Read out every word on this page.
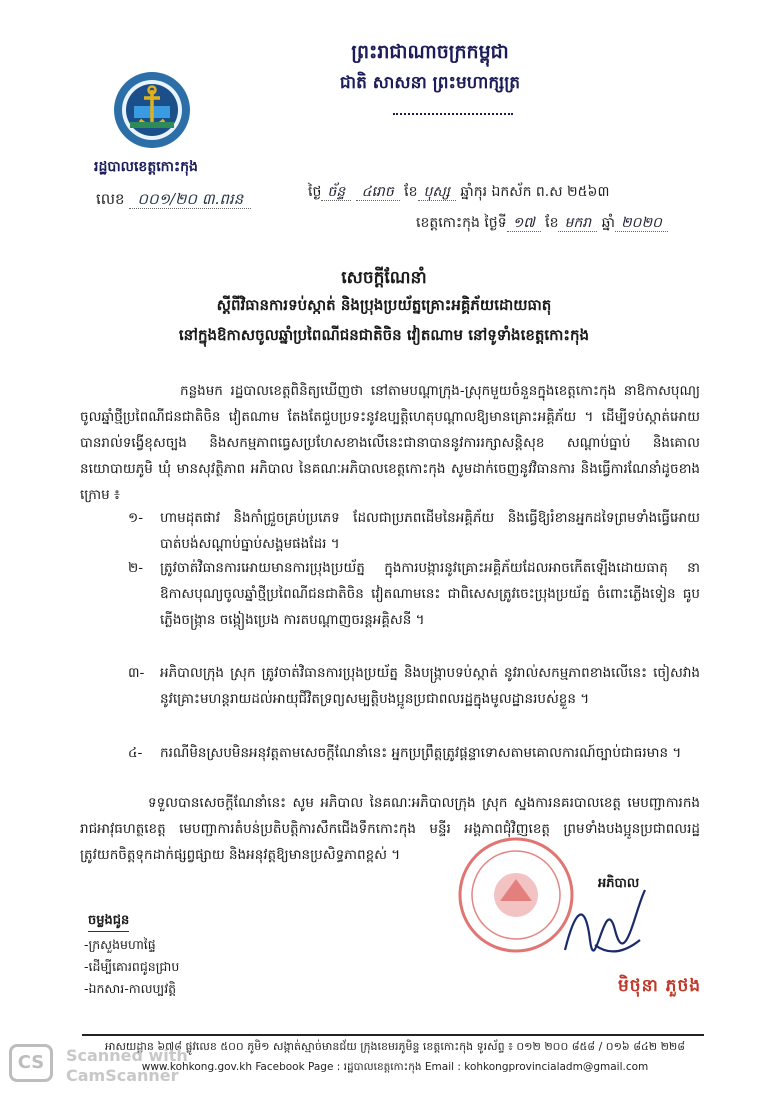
ព្រះរាជាណាចក្រកម្ពុជា
ជាតិ សាសនា ព្រះមហាក្សត្រ
រដ្ឋបាលខេត្តកោះកុង
លេខ ០០១/២០ ៣.ពរន	ថ្ងៃ ច័ន្ទ ៤រោច ខែ បុស្ស ឆ្នាំកុរ ឯកស័ក ព.ស ២៥៦៣
ខេត្តកោះកុង ថ្ងៃទី ១៧ ខែ មករា ឆ្នាំ ២០២០
សេចក្តីណែនាំ
ស្តីពីវិធានការទប់ស្កាត់ និងប្រុងប្រយ័ត្នគ្រោះអគ្គិភ័យដោយធាតុ
នៅក្នុងឱកាសចូលឆ្នាំប្រពៃណីជនជាតិចិន វៀតណាម នៅទូទាំងខេត្តកោះកុង
កន្លងមក រដ្ឋបាលខេត្តពិនិត្យឃើញថា នៅតាមបណ្តាក្រុង-ស្រុកមួយចំនួនក្នុងខេត្តកោះកុង នាឱកាសបុណ្យចូលឆ្នាំថ្មីប្រពៃណីជនជាតិចិន វៀតណាម តែងតែជួបប្រទះនូវឧប្បត្តិហេតុបណ្តាលឱ្យមានគ្រោះអគ្គិភ័យ ។ ដើម្បីទប់ស្កាត់អោយបានរាល់ទង្វើខុសច្បង និងសកម្មភាពធ្វេសប្រហែសខាងលើនេះជានាបាននូវការរក្សាសន្តិសុខ សណ្តាប់ធ្នាប់ និងគោលនយោបាយភូមិ ឃុំ មានសុវត្ថិភាព អភិបាល នៃគណៈអភិបាលខេត្តកោះកុង សូមដាក់ចេញនូវវិធានការ និងធ្វើការណែនាំដូចខាងក្រោម ៖
១- ហាមដុតផាវ និងកាំជ្រួចគ្រប់ប្រភេទ ដែលជាប្រភពដើមនៃអគ្គិភ័យ និងធ្វើឱ្យរំខានអ្នកដទៃព្រមទាំងធ្វើអោយបាត់បង់សណ្តាប់ធ្នាប់សង្គមផងដែរ ។
២- ត្រូវចាត់វិធានការអោយមានការប្រុងប្រយ័ត្ន ក្នុងការបង្ការនូវគ្រោះអគ្គិភ័យដែលអាចកើតឡើងដោយធាតុ នាឱកាសបុណ្យចូលឆ្នាំថ្មីប្រពៃណីជនជាតិចិន វៀតណាមនេះ ជាពិសេសត្រូវចេះប្រុងប្រយ័ត្ន ចំពោះភ្លើងទៀន ធូប ភ្លើងចង្ក្រាន ចង្កៀងប្រេង ការតបណ្តាញចរន្តអគ្គិសនី ។
៣- អភិបាលក្រុង ស្រុក ត្រូវចាត់វិធានការប្រុងប្រយ័ត្ន និងបង្ក្រាបទប់ស្កាត់ នូវរាល់សកម្មភាពខាងលើនេះ ចៀសវាងនូវគ្រោះមហន្តរាយដល់អាយុជីវិតទ្រព្យសម្បត្តិបងប្អូនប្រជាពលរដ្ឋក្នុងមូលដ្ឋានរបស់ខ្លួន ។
៤- ករណីមិនស្របមិនអនុវត្តតាមសេចក្តីណែនាំនេះ អ្នកប្រព្រឹត្តត្រូវផ្តន្ទាទោសតាមគោលការណ៍ច្បាប់ជាធរមាន ។
ទទួលបានសេចក្តីណែនាំនេះ សូម អភិបាល នៃគណៈអភិបាលក្រុង ស្រុក ស្នងការនគរបាលខេត្ត មេបញ្ជាការកងរាជអាវុធហត្ថខេត្ត មេបញ្ជាការតំបន់ប្រតិបត្តិការសឹកជើងទឹកកោះកុង មន្ទីរ អង្គភាពជុំវិញខេត្ត ព្រមទាំងបងប្អូនប្រជាពលរដ្ឋត្រូវយកចិត្តទុកដាក់ផ្សព្វផ្សាយ និងអនុវត្តឱ្យមានប្រសិទ្ធភាពខ្ពស់ ។
អភិបាល
មិថុនា ភួថង
ចម្លងជូន
-ក្រសួងមហាផ្ទៃ
-ដើម្បីគោរពជូនជ្រាប
-ឯកសារ-កាលប្បវត្តិ
អាសយដ្ឋាន ៦៧៨ ផ្លូវលេខ ៥០០ ភូមិ១ សង្កាត់ស្មាច់មានជ័យ ក្រុងខេមរភូមិន្ទ ខេត្តកោះកុង ទូរស័ព្ទ ៖ ០១២ ២០០ ៨៥៨ / ០១៦ ៨៤២ ២២៨
www.kohkong.gov.kh Facebook Page : រដ្ឋបាលខេត្តកោះកុង Email : kohkongprovincialadm@gmail.com
CS	Scanned with
CamScanner
